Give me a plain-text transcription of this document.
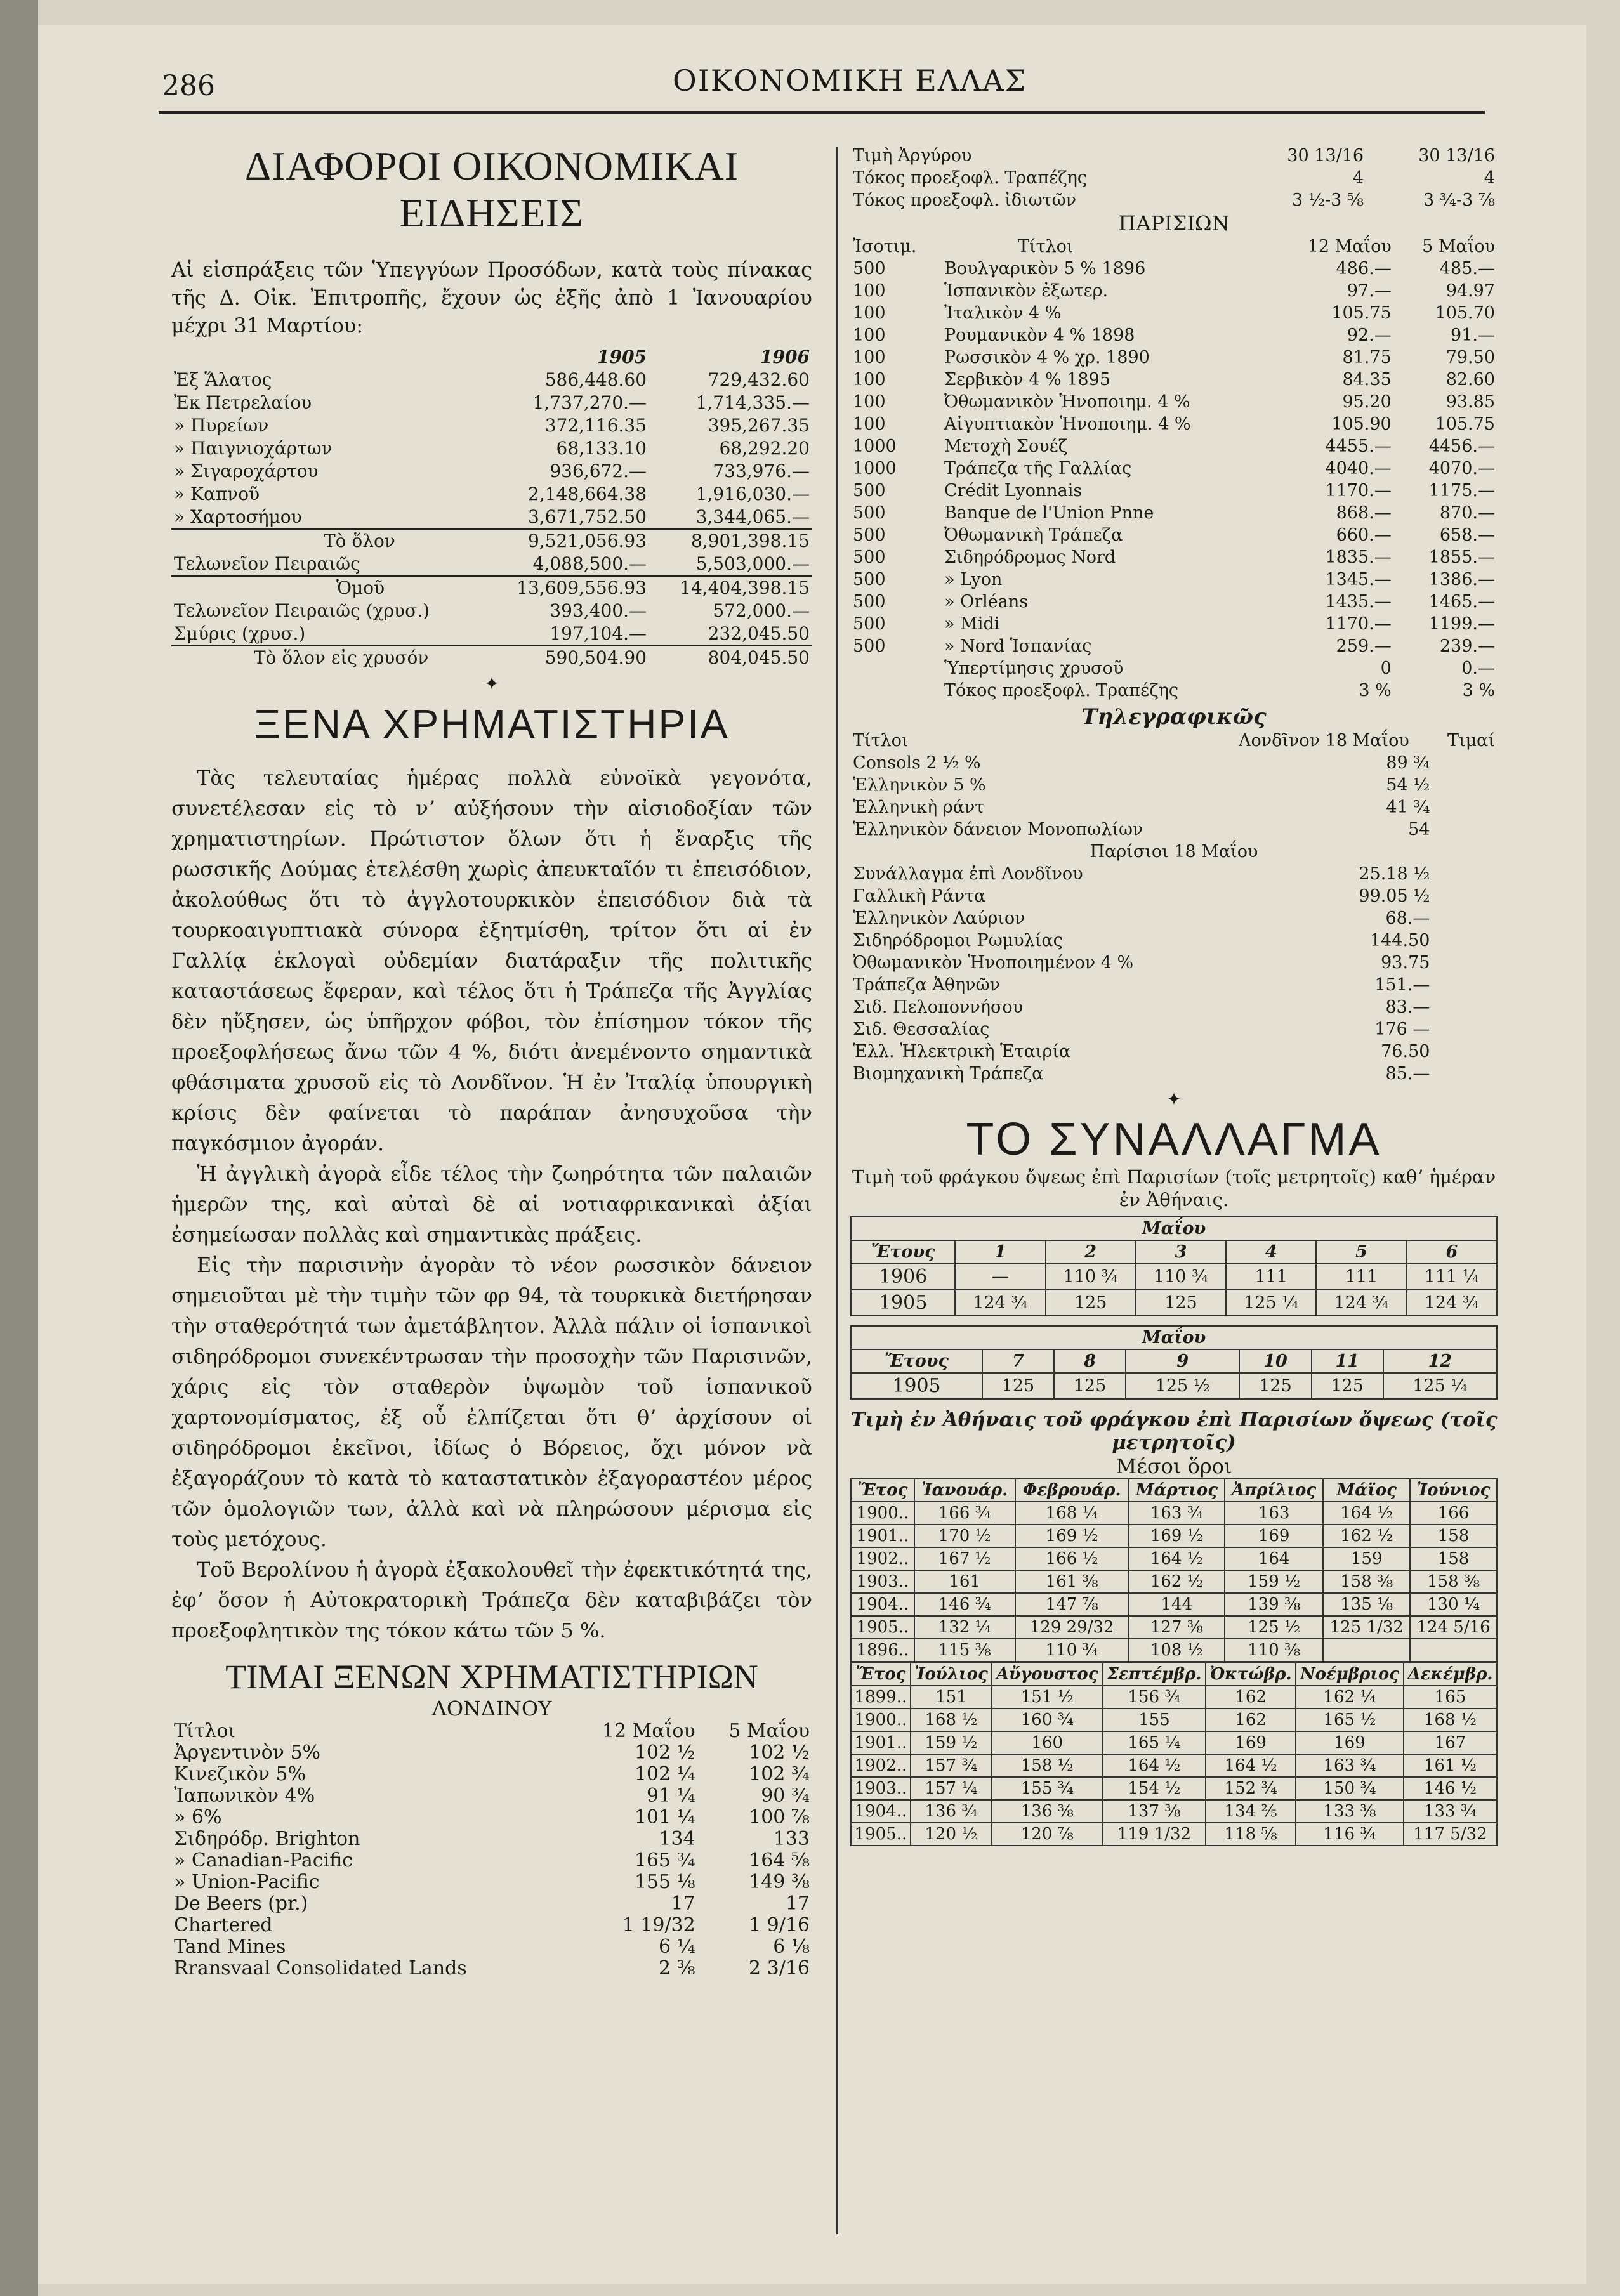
286	ΟΙΚΟΝΟΜΙΚΗ ΕΛΛΑΣ
ΔΙΑΦΟΡΟΙ ΟΙΚΟΝΟΜΙΚΑΙ ΕΙΔΗΣΕΙΣ
Αἱ εἰσπράξεις τῶν Ὑπεγγύων Προσόδων, κατὰ τοὺς πίνακας τῆς Δ. Οἰκ. Ἐπιτροπῆς, ἔχουν ὡς ἑξῆς ἀπὸ 1 Ἰανουαρίου μέχρι 31 Μαρτίου:
	1905	1906
Ἐξ Ἅλατος	586,448.60	729,432.60
Ἐκ Πετρελαίου	1,737,270.—	1,714,335.—
» Πυρείων	372,116.35	395,267.35
» Παιγνιοχάρτων	68,133.10	68,292.20
» Σιγαροχάρτου	936,672.—	733,976.—
» Καπνοῦ	2,148,664.38	1,916,030.—
» Χαρτοσήμου	3,671,752.50	3,344,065.—
Τὸ ὅλον	9,521,056.93	8,901,398.15
Τελωνεῖον Πειραιῶς	4,088,500.—	5,503,000.—
Ὁμοῦ	13,609,556.93	14,404,398.15
Τελωνεῖον Πειραιῶς (χρυσ.)	393,400.—	572,000.—
Σμύρις (χρυσ.)	197,104.—	232,045.50
Τὸ ὅλον εἰς χρυσόν	590,504.90	804,045.50
✦
ΞΕΝΑ ΧΡΗΜΑΤΙΣΤΗΡΙΑ

Τὰς τελευταίας ἡμέρας πολλὰ εὐνοϊκὰ γεγονότα, συνετέλεσαν εἰς τὸ νʼ αὐξήσουν τὴν αἰσιοδοξίαν τῶν χρηματιστηρίων. Πρώτιστον ὅλων ὅτι ἡ ἔναρξις τῆς ρωσσικῆς Δούμας ἐτελέσθη χωρὶς ἀπευκταῖόν τι ἐπεισόδιον, ἀκολούθως ὅτι τὸ ἀγγλοτουρκικὸν ἐπεισόδιον διὰ τὰ τουρκοαιγυπτιακὰ σύνορα ἐξητμίσθη, τρίτον ὅτι αἱ ἐν Γαλλίᾳ ἐκλογαὶ οὐδεμίαν διατάραξιν τῆς πολιτικῆς καταστάσεως ἔφεραν, καὶ τέλος ὅτι ἡ Τράπεζα τῆς Ἀγγλίας δὲν ηὔξησεν, ὡς ὑπῆρχον φόβοι, τὸν ἐπίσημον τόκον τῆς προεξοφλήσεως ἄνω τῶν 4 %, διότι ἀνεμένοντο σημαντικὰ φθάσιματα χρυσοῦ εἰς τὸ Λονδῖνον. Ἡ ἐν Ἰταλίᾳ ὑπουργικὴ κρίσις δὲν φαίνεται τὸ παράπαν ἀνησυχοῦσα τὴν παγκόσμιον ἀγοράν.

Ἡ ἀγγλικὴ ἀγορὰ εἶδε τέλος τὴν ζωηρότητα τῶν παλαιῶν ἡμερῶν της, καὶ αὐταὶ δὲ αἱ νοτιαφρικανικαὶ ἀξίαι ἐσημείωσαν πολλὰς καὶ σημαντικὰς πράξεις.

Εἰς τὴν παρισινὴν ἀγορὰν τὸ νέον ρωσσικὸν δάνειον σημειοῦται μὲ τὴν τιμὴν τῶν φρ 94, τὰ τουρκικὰ διετήρησαν τὴν σταθερότητά των ἀμετάβλητον. Ἀλλὰ πάλιν οἱ ἱσπανικοὶ σιδηρόδρομοι συνεκέντρωσαν τὴν προσοχὴν τῶν Παρισινῶν, χάρις εἰς τὸν σταθερὸν ὑψωμὸν τοῦ ἱσπανικοῦ χαρτονομίσματος, ἐξ οὗ ἐλπίζεται ὅτι θʼ ἀρχίσουν οἱ σιδηρόδρομοι ἐκεῖνοι, ἰδίως ὁ Βόρειος, ὄχι μόνον νὰ ἐξαγοράζουν τὸ κατὰ τὸ καταστατικὸν ἐξαγοραστέον μέρος τῶν ὁμολογιῶν των, ἀλλὰ καὶ νὰ πληρώσουν μέρισμα εἰς τοὺς μετόχους.

Τοῦ Βερολίνου ἡ ἀγορὰ ἐξακολουθεῖ τὴν ἐφεκτικότητά της, ἐφʼ ὅσον ἡ Αὐτοκρατορικὴ Τράπεζα δὲν καταβιβάζει τὸν προεξοφλητικὸν της τόκον κάτω τῶν 5 %.

ΤΙΜΑΙ ΞΕΝΩΝ ΧΡΗΜΑΤΙΣΤΗΡΙΩΝ
ΛΟΝΔΙΝΟΥ
Τίτλοι	12 Μαΐου	5 Μαΐου
Ἀργεντινὸν 5%	102 ½	102 ½
Κινεζικὸν 5%	102 ¼	102 ¾
Ἰαπωνικὸν 4%	91 ¼	90 ¾
» 6%	101 ¼	100 ⅞
Σιδηρόδρ. Brighton	134	133
» Canadian-Pacific	165 ¾	164 ⅝
» Union-Pacific	155 ⅛	149 ⅜
De Beers (pr.)	17	17
Chartered	1 19/32	1 9/16
Tand Mines	6 ¼	6 ⅛
Rransvaal Consolidated Lands	2 ⅜	2 3/16
Τιμὴ Ἀργύρου	30 13/16	30 13/16
Τόκος προεξοφλ. Τραπέζης	4	4
Τόκος προεξοφλ. ἰδιωτῶν	3 ½-3 ⅝	3 ¾-3 ⅞
ΠΑΡΙΣΙΩΝ
Ἰσοτιμ.	Τίτλοι	12 Μαΐου	5 Μαΐου
500	Βουλγαρικὸν 5 % 1896	486.—	485.—
100	Ἱσπανικὸν ἐξωτερ.	97.—	94.97
100	Ἰταλικὸν 4 %	105.75	105.70
100	Ρουμανικὸν 4 % 1898	92.—	91.—
100	Ρωσσικὸν 4 % χρ. 1890	81.75	79.50
100	Σερβικὸν 4 % 1895	84.35	82.60
100	Ὀθωμανικὸν Ἡνοποιημ. 4 %	95.20	93.85
100	Αἰγυπτιακὸν Ἡνοποιημ. 4 %	105.90	105.75
1000	Μετοχὴ Σουέζ	4455.—	4456.—
1000	Τράπεζα τῆς Γαλλίας	4040.—	4070.—
500	Crédit Lyonnais	1170.—	1175.—
500	Banque de l'Union Pnne	868.—	870.—
500	Ὀθωμανικὴ Τράπεζα	660.—	658.—
500	Σιδηρόδρομος Nord	1835.—	1855.—
500	» Lyon	1345.—	1386.—
500	» Orléans	1435.—	1465.—
500	» Midi	1170.—	1199.—
500	» Nord Ἱσπανίας	259.—	239.—
	Ὑπερτίμησις χρυσοῦ	0	0.—
	Τόκος προεξοφλ. Τραπέζης	3 %	3 %
Τηλεγραφικῶς
Τίτλοι	Λονδῖνον 18 Μαΐου	Τιμαί
Consols 2 ½ %	89 ¾	
Ἑλληνικὸν 5 %	54 ½	
Ἑλληνικὴ ράντ	41 ¾	
Ἑλληνικὸν δάνειον Μονοπωλίων	54	
Παρίσιοι 18 Μαΐου		
Συνάλλαγμα ἐπὶ Λονδῖνου	25.18 ½	
Γαλλικὴ Ράντα	99.05 ½	
Ἑλληνικὸν Λαύριον	68.—	
Σιδηρόδρομοι Ρωμυλίας	144.50	
Ὀθωμανικὸν Ἡνοποιημένον 4 %	93.75	
Τράπεζα Ἀθηνῶν	151.—	
Σιδ. Πελοποννήσου	83.—	
Σιδ. Θεσσαλίας	176 —	
Ἑλλ. Ἠλεκτρικὴ Ἑταιρία	76.50	
Βιομηχανικὴ Τράπεζα	85.—	
✦
ΤΟ ΣΥΝΑΛΛΑΓΜΑ
Τιμὴ τοῦ φράγκου ὄψεως ἐπὶ Παρισίων (τοῖς μετρητοῖς) καθʼ ἡμέραν ἐν Ἀθήναις.
Μαΐου						
Ἔτους	1	2	3	4	5	6
1906	—	110 ¾	110 ¾	111	111	111 ¼
1905	124 ¾	125	125	125 ¼	124 ¾	124 ¾
Μαΐου						
Ἔτους	7	8	9	10	11	12
1905	125	125	125 ½	125	125	125 ¼
Τιμὴ ἐν Ἀθήναις τοῦ φράγκου ἐπὶ Παρισίων ὄψεως (τοῖς μετρητοῖς)
Μέσοι ὅροι
Ἔτος	Ἰανουάρ.	Φεβρουάρ.	Μάρτιος	Ἀπρίλιος	Μάϊος	Ἰούνιος
1900..	166 ¾	168 ¼	163 ¾	163	164 ½	166
1901..	170 ½	169 ½	169 ½	169	162 ½	158
1902..	167 ½	166 ½	164 ½	164	159	158
1903..	161	161 ⅜	162 ½	159 ½	158 ⅜	158 ⅜
1904..	146 ¾	147 ⅞	144	139 ⅜	135 ⅛	130 ¼
1905..	132 ¼	129 29/32	127 ⅜	125 ½	125 1/32	124 5/16
1896..	115 ⅜	110 ¾	108 ½	110 ⅜		
Ἔτος	Ἰούλιος	Αὔγουστος	Σεπτέμβρ.	Ὀκτώβρ.	Νοέμβριος	Δεκέμβρ.
1899..	151	151 ½	156 ¾	162	162 ¼	165
1900..	168 ½	160 ¾	155	162	165 ½	168 ½
1901..	159 ½	160	165 ¼	169	169	167
1902..	157 ¾	158 ½	164 ½	164 ½	163 ¾	161 ½
1903..	157 ¼	155 ¾	154 ½	152 ¾	150 ¾	146 ½
1904..	136 ¾	136 ⅜	137 ⅜	134 ⅖	133 ⅜	133 ¾
1905..	120 ½	120 ⅞	119 1/32	118 ⅝	116 ¾	117 5/32
